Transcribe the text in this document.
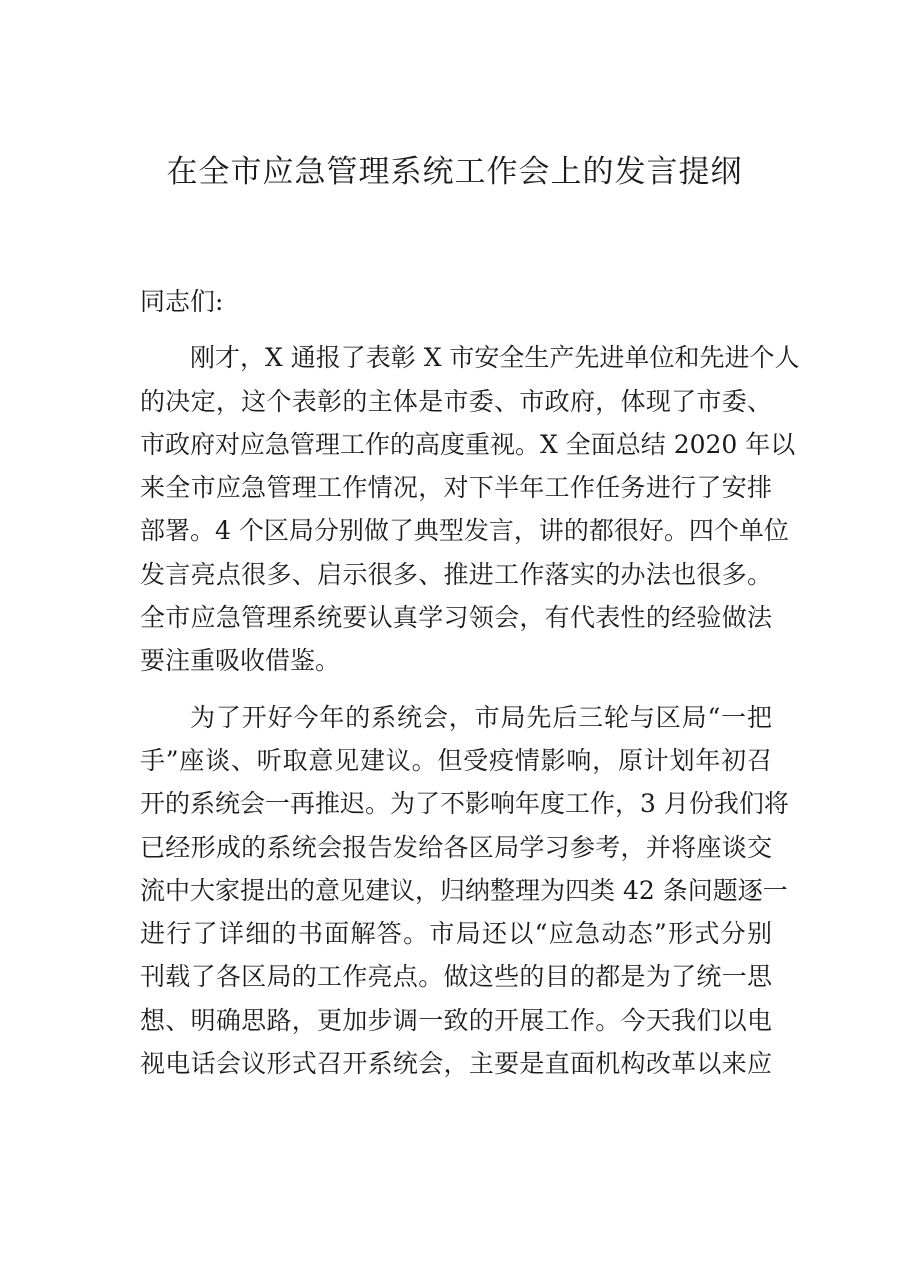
在全市应急管理系统工作会上的发言提纲

同志们:

刚才，X 通报了表彰 X 市安全生产先进单位和先进个人
的决定，这个表彰的主体是市委、市政府，体现了市委、
市政府对应急管理工作的高度重视。X 全面总结 2020 年以
来全市应急管理工作情况，对下半年工作任务进行了安排
部署。4 个区局分别做了典型发言，讲的都很好。四个单位
发言亮点很多、启示很多、推进工作落实的办法也很多。
全市应急管理系统要认真学习领会，有代表性的经验做法
要注重吸收借鉴。
为了开好今年的系统会，市局先后三轮与区局“一把
手”座谈、听取意见建议。但受疫情影响，原计划年初召
开的系统会一再推迟。为了不影响年度工作，3 月份我们将
已经形成的系统会报告发给各区局学习参考，并将座谈交
流中大家提出的意见建议，归纳整理为四类 42 条问题逐一
进行了详细的书面解答。市局还以“应急动态”形式分别
刊载了各区局的工作亮点。做这些的目的都是为了统一思
想、明确思路，更加步调一致的开展工作。今天我们以电
视电话会议形式召开系统会，主要是直面机构改革以来应
